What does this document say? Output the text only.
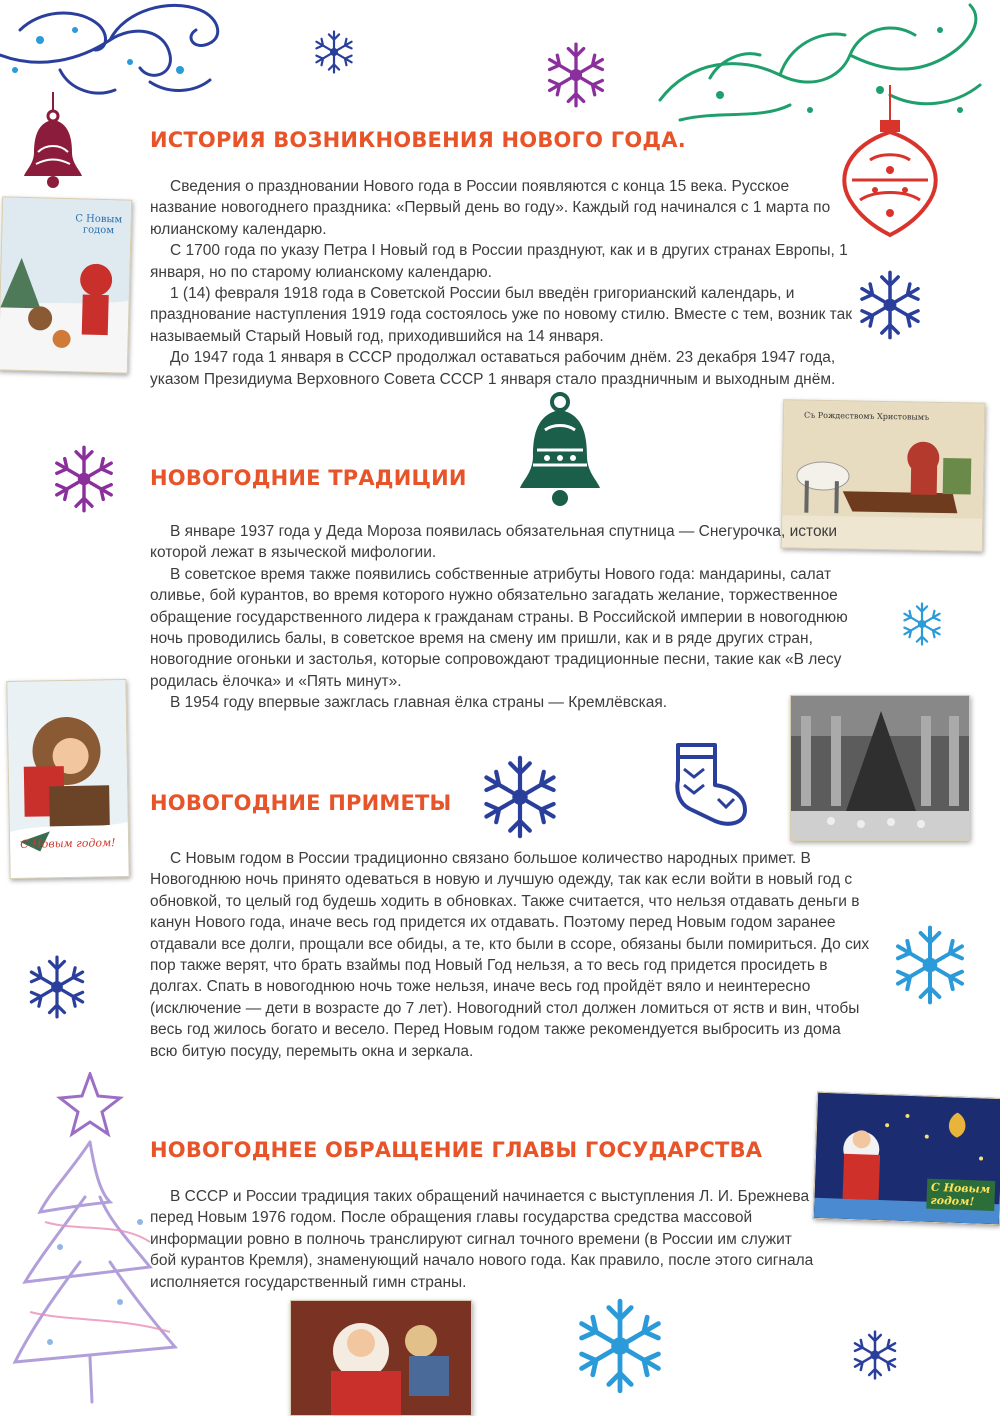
С Новым годом
Съ Рождествомъ Христовымъ
С Новым годом!
С Новым годом!
ИСТОРИЯ ВОЗНИКНОВЕНИЯ НОВОГО ГОДА.

Сведения о праздновании Нового года в России появляются с конца 15 века. Русское название новогоднего праздника: «Первый день во году». Каждый год начинался с 1 марта по юлианскому календарю.

С 1700 года по указу Петра I Новый год в России празднуют, как и в других странах Европы, 1 января, но по старому юлианскому календарю.

1 (14) февраля 1918 года в Советской России был введён григорианский календарь, и празднование наступления 1919 года состоялось уже по новому стилю. Вместе с тем, возник так называемый Старый Новый год, приходившийся на 14 января.

До 1947 года 1 января в СССР продолжал оставаться рабочим днём. 23 декабря 1947 года, указом Президиума Верховного Совета СССР 1 января стало праздничным и выходным днём.

НОВОГОДНИЕ ТРАДИЦИИ

В январе 1937 года у Деда Мороза появилась обязательная спутница — Снегурочка, истоки которой лежат в языческой мифологии.

В советское время также появились собственные атрибуты Нового года: мандарины, салат оливье, бой курантов, во время которого нужно обязательно загадать желание, торжественное обращение государственного лидера к гражданам страны. В Российской империи в новогоднюю ночь проводились балы, в советское время на смену им пришли, как и в ряде других стран, новогодние огоньки и застолья, которые сопровождают традиционные песни, такие как «В лесу родилась ёлочка» и «Пять минут».

В 1954 году впервые зажглась главная ёлка страны — Кремлёвская.

НОВОГОДНИЕ ПРИМЕТЫ

С Новым годом в России традиционно связано большое количество народных примет. В Новогоднюю ночь принято одеваться в новую и лучшую одежду, так как если войти в новый год с обновкой, то целый год будешь ходить в обновках. Также считается, что нельзя отдавать деньги в канун Нового года, иначе весь год придется их отдавать. Поэтому перед Новым годом заранее отдавали все долги, прощали все обиды, а те, кто были в ссоре, обязаны были помириться. До сих пор также верят, что брать взаймы под Новый Год нельзя, а то весь год придется просидеть в долгах. Спать в новогоднюю ночь тоже нельзя, иначе весь год пройдёт вяло и неинтересно (исключение — дети в возрасте до 7 лет). Новогодний стол должен ломиться от яств и вин, чтобы весь год жилось богато и весело. Перед Новым годом также рекомендуется выбросить из дома всю битую посуду, перемыть окна и зеркала.

НОВОГОДНЕЕ ОБРАЩЕНИЕ ГЛАВЫ ГОСУДАРСТВА

В СССР и России традиция таких обращений начинается с выступления Л. И. Брежнева перед Новым 1976 годом. После обращения главы государства средства массовой информации ровно в полночь транслируют сигнал точного времени (в России им служит бой курантов Кремля), знаменующий начало нового года. Как правило, после этого сигнала исполняется государственный гимн страны.
